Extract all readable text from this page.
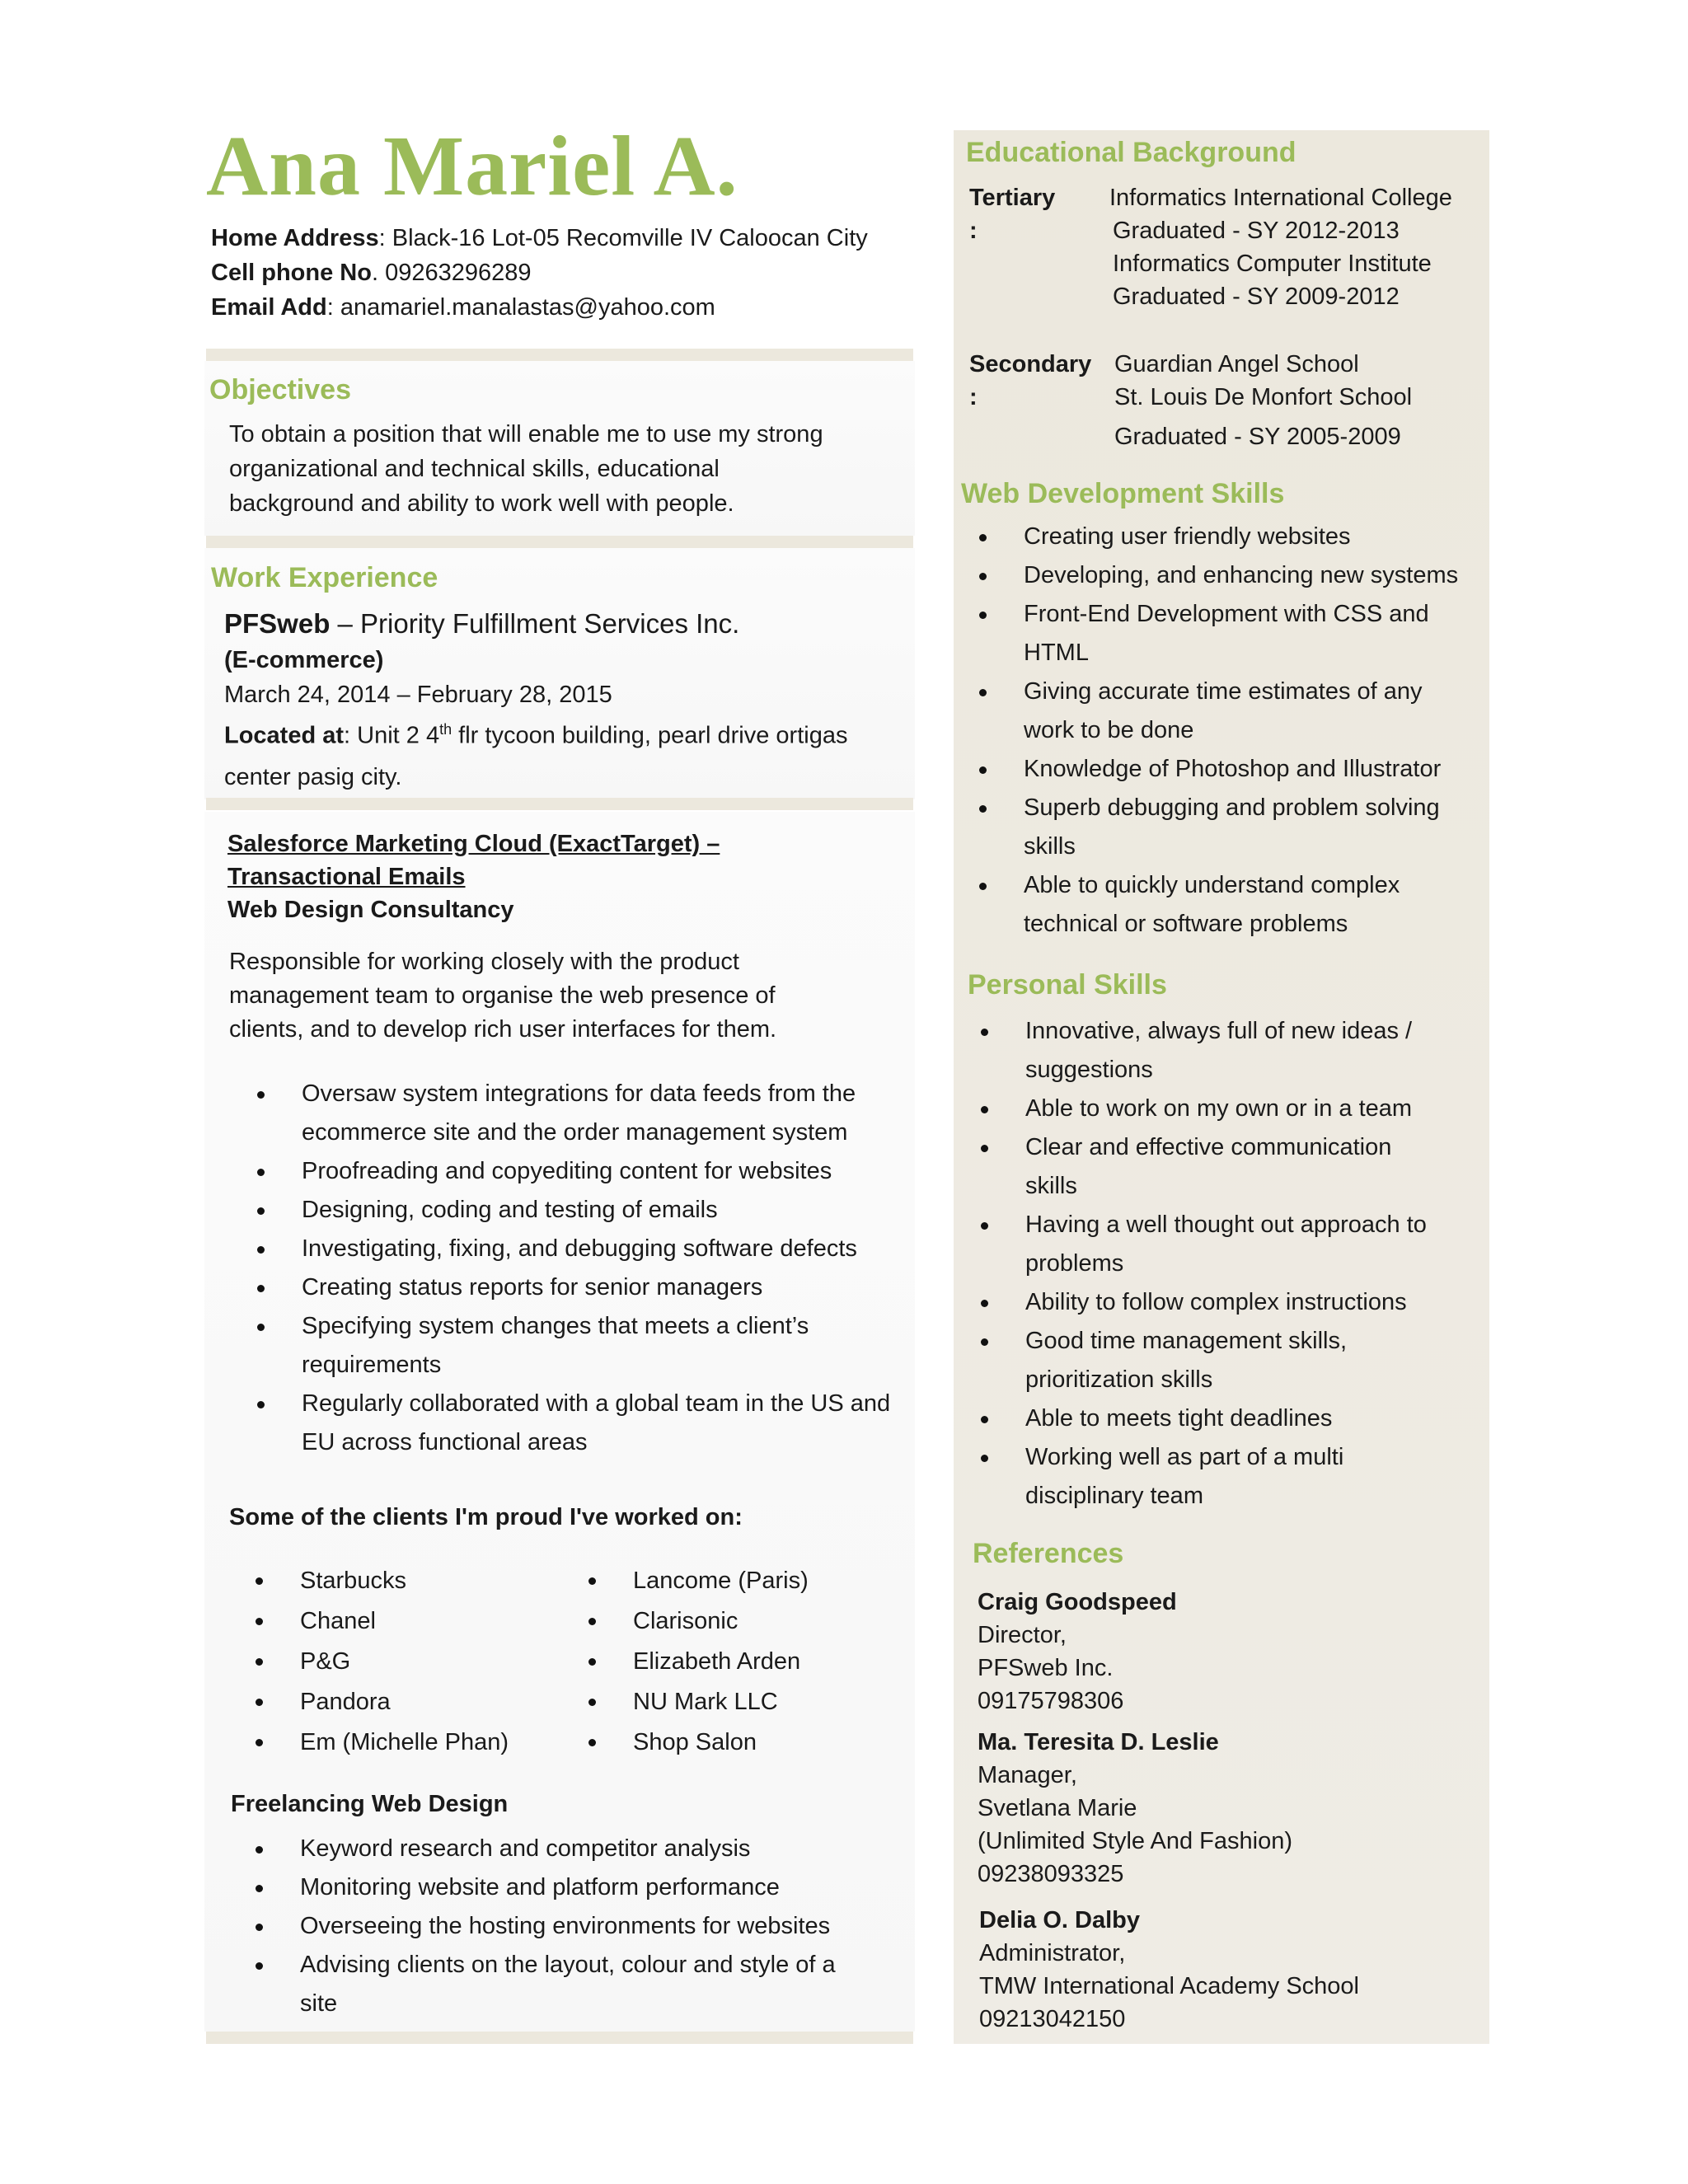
Ana Mariel A.
Home Address: Black-16 Lot-05 Recomville IV Caloocan City
Cell phone No. 09263296289
Email Add: anamariel.manalastas@yahoo.com
Objectives
To obtain a position that will enable me to use my strong
organizational and technical skills, educational
background and ability to work well with people.
Work Experience
PFSweb – Priority Fulfillment Services Inc.
(E-commerce)
March 24, 2014 – February 28, 2015
Located at: Unit 2 4th flr tycoon building, pearl drive ortigas
center pasig city.
Salesforce Marketing Cloud (ExactTarget) –
Transactional Emails
Web Design Consultancy
Responsible for working closely with the product
management team to organise the web presence of
clients, and to develop rich user interfaces for them.
Oversaw system integrations for data feeds from the
ecommerce site and the order management system
Proofreading and copyediting content for websites
Designing, coding and testing of emails
Investigating, fixing, and debugging software defects
Creating status reports for senior managers
Specifying system changes that meets a client’s
requirements
Regularly collaborated with a global team in the US and
EU across functional areas
Some of the clients I'm proud I've worked on:
Starbucks
Chanel
P&G
Pandora
Em (Michelle Phan)
Lancome (Paris)
Clarisonic
Elizabeth Arden
NU Mark LLC
Shop Salon
Freelancing Web Design
Keyword research and competitor analysis
Monitoring website and platform performance
Overseeing the hosting environments for websites
Advising clients on the layout, colour and style of a
site
Educational Background
Tertiary :
Informatics International College
Graduated - SY 2012-2013
Informatics Computer Institute
Graduated - SY 2009-2012
Secondary :
Guardian Angel School
St. Louis De Monfort School
Graduated - SY 2005-2009
Web Development Skills
Creating user friendly websites
Developing, and enhancing new systems
Front-End Development with CSS and
HTML
Giving accurate time estimates of any
work to be done
Knowledge of Photoshop and Illustrator
Superb debugging and problem solving
skills
Able to quickly understand complex
technical or software problems
Personal Skills
Innovative, always full of new ideas /
suggestions
Able to work on my own or in a team
Clear and effective communication
skills
Having a well thought out approach to
problems
Ability to follow complex instructions
Good time management skills,
prioritization skills
Able to meets tight deadlines
Working well as part of a multi
disciplinary team
References
Craig Goodspeed
Director,
PFSweb Inc.
09175798306
Ma. Teresita D. Leslie
Manager,
Svetlana Marie
(Unlimited Style And Fashion)
09238093325
Delia O. Dalby
Administrator,
TMW International Academy School
09213042150
